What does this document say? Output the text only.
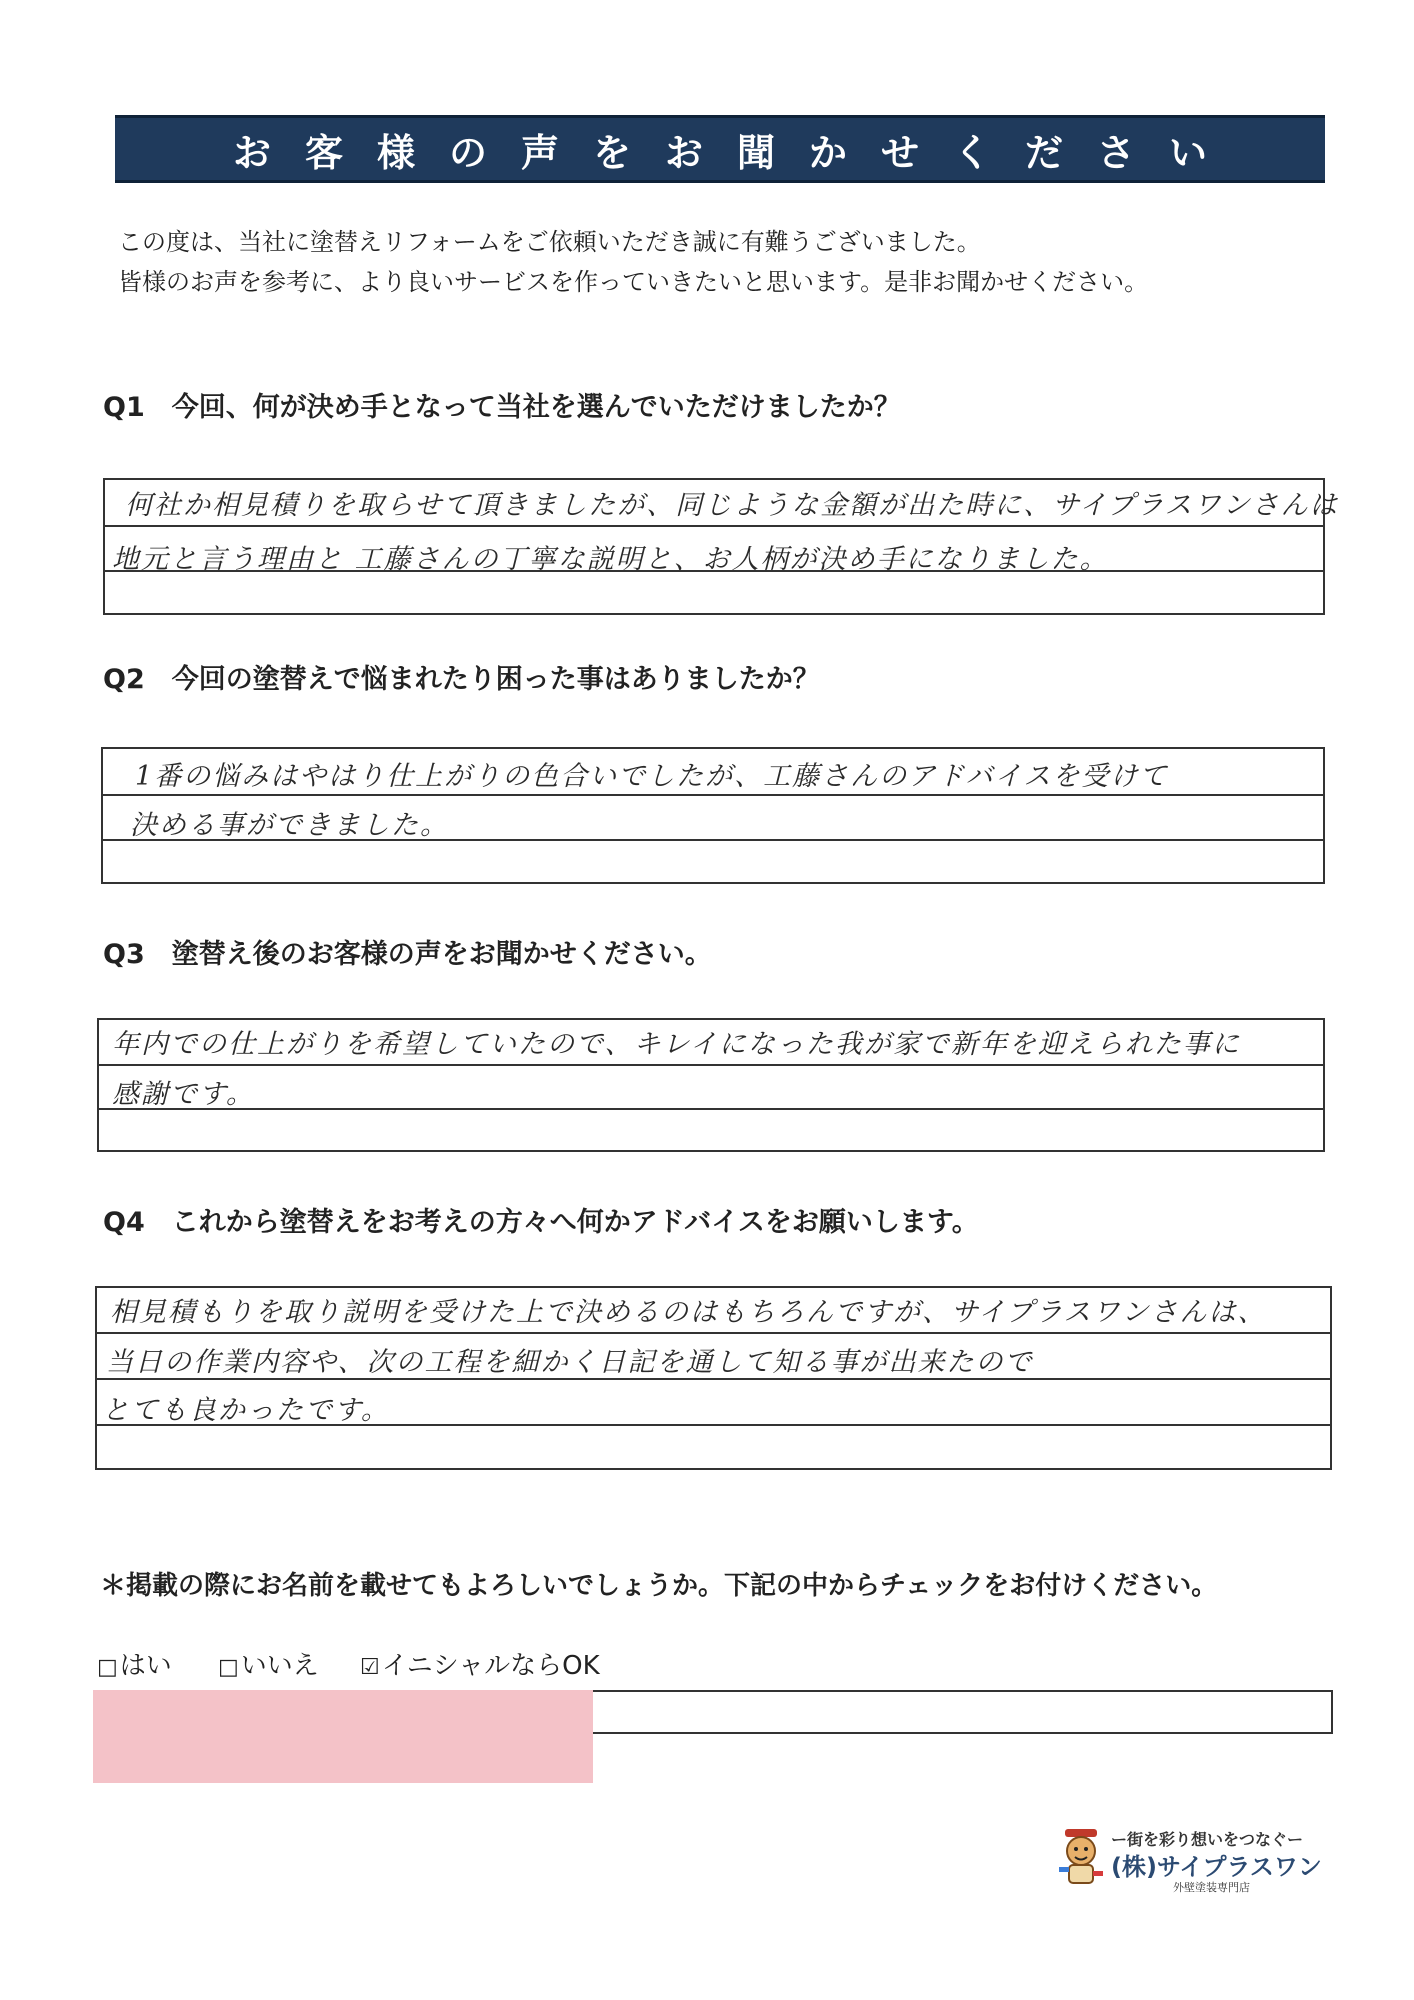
お客様の声をお聞かせください
この度は、当社に塗替えリフォームをご依頼いただき誠に有難うございました。
皆様のお声を参考に、より良いサービスを作っていきたいと思います。是非お聞かせください。
Q1　今回、何が決め手となって当社を選んでいただけましたか？
何社か相見積りを取らせて頂きましたが、同じような金額が出た時に、サイプラスワンさんは
地元と言う理由と 工藤さんの丁寧な説明と、お人柄が決め手になりました。
Q2　今回の塗替えで悩まれたり困った事はありましたか？
1番の悩みはやはり仕上がりの色合いでしたが、工藤さんのアドバイスを受けて
決める事ができました。
Q3　塗替え後のお客様の声をお聞かせください。
年内での仕上がりを希望していたので、キレイになった我が家で新年を迎えられた事に
感謝です。
Q4　これから塗替えをお考えの方々へ何かアドバイスをお願いします。
相見積もりを取り説明を受けた上で決めるのはもちろんですが、サイプラスワンさんは、
当日の作業内容や、次の工程を細かく日記を通して知る事が出来たので
とても良かったです。
＊掲載の際にお名前を載せてもよろしいでしょうか。下記の中からチェックをお付けください。
□ はい □ いいえ ☑ イニシャルならOK
ー街を彩り想いをつなぐー
(株)サイプラスワン
外壁塗装専門店
